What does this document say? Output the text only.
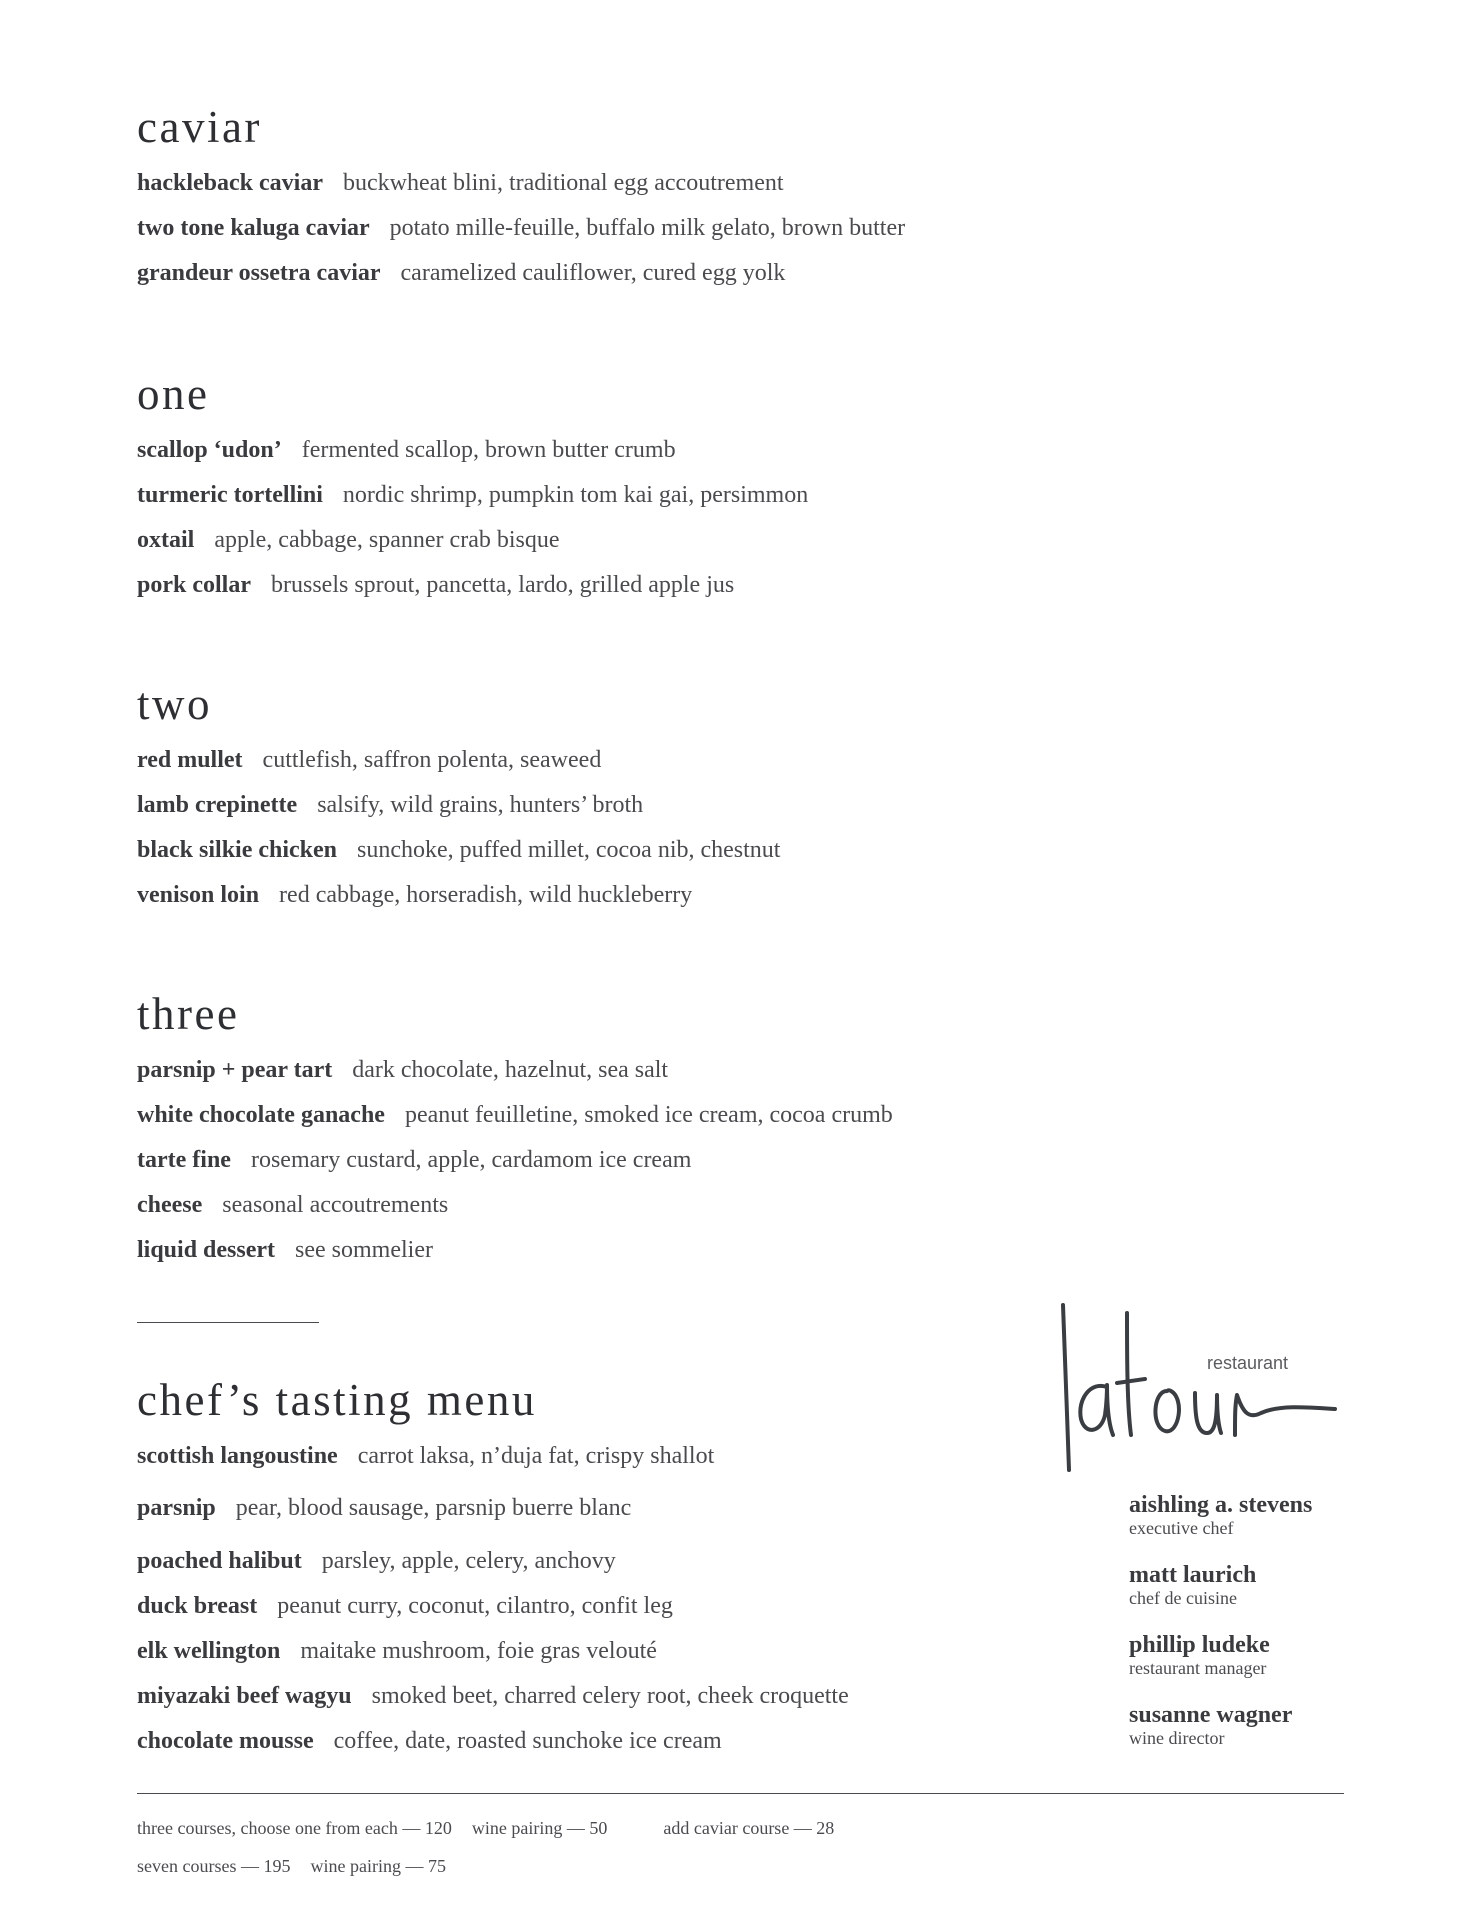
caviar
hackleback caviar buckwheat blini, traditional egg accoutrement
two tone kaluga caviar potato mille-feuille, buffalo milk gelato, brown butter
grandeur ossetra caviar caramelized cauliflower, cured egg yolk
one
scallop ‘udon’ fermented scallop, brown butter crumb
turmeric tortellini nordic shrimp, pumpkin tom kai gai, persimmon
oxtail apple, cabbage, spanner crab bisque
pork collar brussels sprout, pancetta, lardo, grilled apple jus
two
red mullet cuttlefish, saffron polenta, seaweed
lamb crepinette salsify, wild grains, hunters’ broth
black silkie chicken sunchoke, puffed millet, cocoa nib, chestnut
venison loin red cabbage, horseradish, wild huckleberry
three
parsnip + pear tart dark chocolate, hazelnut, sea salt
white chocolate ganache peanut feuilletine, smoked ice cream, cocoa crumb
tarte fine rosemary custard, apple, cardamom ice cream
cheese seasonal accoutrements
liquid dessert see sommelier
chef’s tasting menu
scottish langoustine carrot laksa, n’duja fat, crispy shallot
parsnip pear, blood sausage, parsnip buerre blanc
poached halibut parsley, apple, celery, anchovy
duck breast peanut curry, coconut, cilantro, confit leg
elk wellington maitake mushroom, foie gras velouté
miyazaki beef wagyu smoked beet, charred celery root, cheek croquette
chocolate mousse coffee, date, roasted sunchoke ice cream
restaurant
aishling a. stevens
executive chef
matt laurich
chef de cuisine
phillip ludeke
restaurant manager
susanne wagner
wine director
three courses, choose one from each — 120 wine pairing — 50	add caviar course — 28
seven courses — 195 wine pairing — 75
